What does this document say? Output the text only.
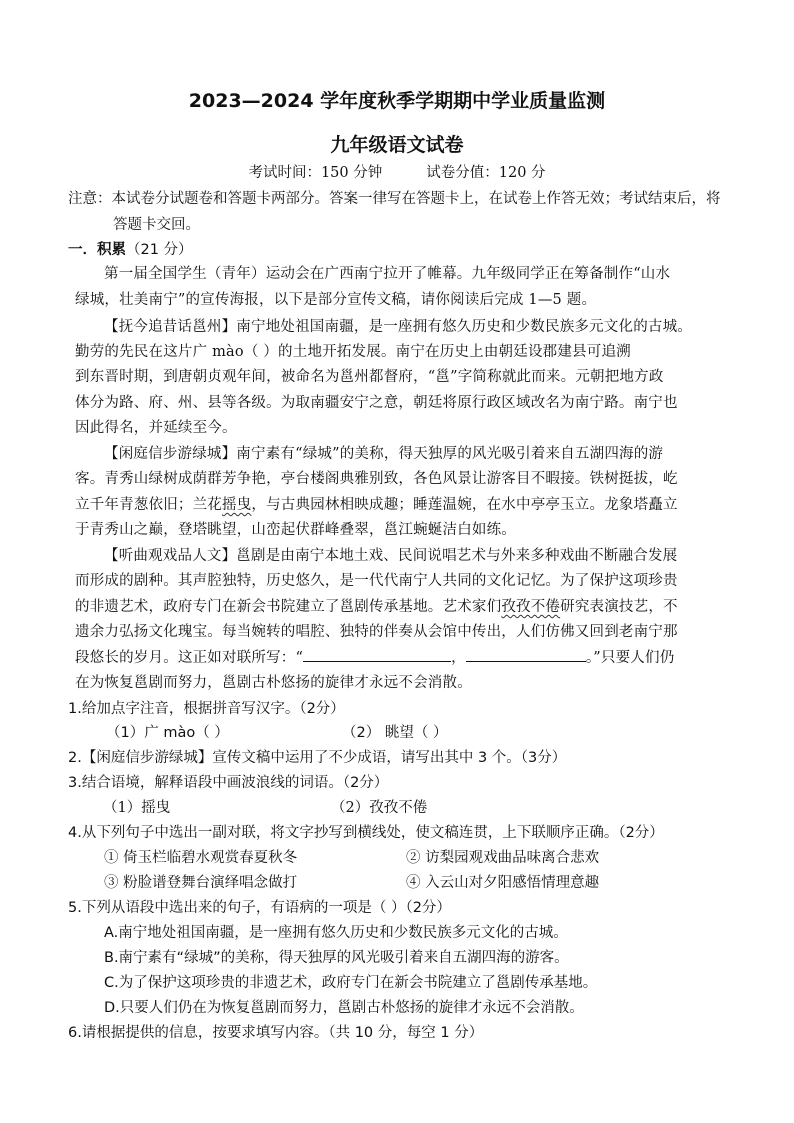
2023—2024 学年度秋季学期期中学业质量监测
九年级语文试卷
考试时间：150 分钟	试卷分值：120 分
注意：本试卷分试题卷和答题卡两部分。答案一律写在答题卡上，在试卷上作答无效；考试结束后，将
答题卡交回。
一．积累（21 分）
第一届全国学生（青年）运动会在广西南宁拉开了帷幕。九年级同学正在筹备制作“山水
绿城，壮美南宁”的宣传海报，以下是部分宣传文稿，请你阅读后完成 1—5 题。
【抚今追昔话邕州】南宁地处祖国南疆，是一座拥有悠久历史和少数民族多元文化的古城。
勤劳的先民在这片广 mào（ ）的土地开拓发展。南宁在历史上由朝廷设郡建县可追溯
到东晋时期，到唐朝贞观年间，被命名为邕州都督府，“邕”字简称就此而来。元朝把地方政
体分为路、府、州、县等各级。为取南疆安宁之意，朝廷将原行政区域改名为南宁路。南宁也
因此得名，并延续至今。
【闲庭信步游绿城】南宁素有“绿城”的美称，得天独厚的风光吸引着来自五湖四海的游
客。青秀山绿树成荫群芳争艳，亭台楼阁典雅别致，各色风景让游客目不暇接。铁树挺拔，屹
立千年青葱依旧；兰花摇曳，与古典园林相映成趣；睡莲温婉，在水中亭亭玉立。龙象塔矗立
于青秀山之巅，登塔眺望，山峦起伏群峰叠翠，邕江蜿蜒洁白如练。
【听曲观戏品人文】邕剧是由南宁本地土戏、民间说唱艺术与外来多种戏曲不断融合发展
而形成的剧种。其声腔独特，历史悠久，是一代代南宁人共同的文化记忆。为了保护这项珍贵
的非遗艺术，政府专门在新会书院建立了邕剧传承基地。艺术家们孜孜不倦研究表演技艺，不
遗余力弘扬文化瑰宝。每当婉转的唱腔、独特的伴奏从会馆中传出，人们仿佛又回到老南宁那
段悠长的岁月。这正如对联所写：“	，	。”只要人们仍
在为恢复邕剧而努力，邕剧古朴悠扬的旋律才永远不会消散。
1.给加点字注音，根据拼音写汉字。（2分）
（1）广 mào（ ）	（2） 眺望（ ）
2.【闲庭信步游绿城】宣传文稿中运用了不少成语，请写出其中 3 个。（3分）
3.结合语境，解释语段中画波浪线的词语。（2分）
（1）摇曳	（2）孜孜不倦
4.从下列句子中选出一副对联，将文字抄写到横线处，使文稿连贯，上下联顺序正确。（2分）
① 倚玉栏临碧水观赏春夏秋冬	② 访梨园观戏曲品味离合悲欢
③ 粉脸谱登舞台演绎唱念做打	④ 入云山对夕阳感悟情理意趣
5.下列从语段中选出来的句子，有语病的一项是（ ）（2分）
A.南宁地处祖国南疆，是一座拥有悠久历史和少数民族多元文化的古城。
B.南宁素有“绿城”的美称，得天独厚的风光吸引着来自五湖四海的游客。
C.为了保护这项珍贵的非遗艺术，政府专门在新会书院建立了邕剧传承基地。
D.只要人们仍在为恢复邕剧而努力，邕剧古朴悠扬的旋律才永远不会消散。
6.请根据提供的信息，按要求填写内容。（共 10 分，每空 1 分）
